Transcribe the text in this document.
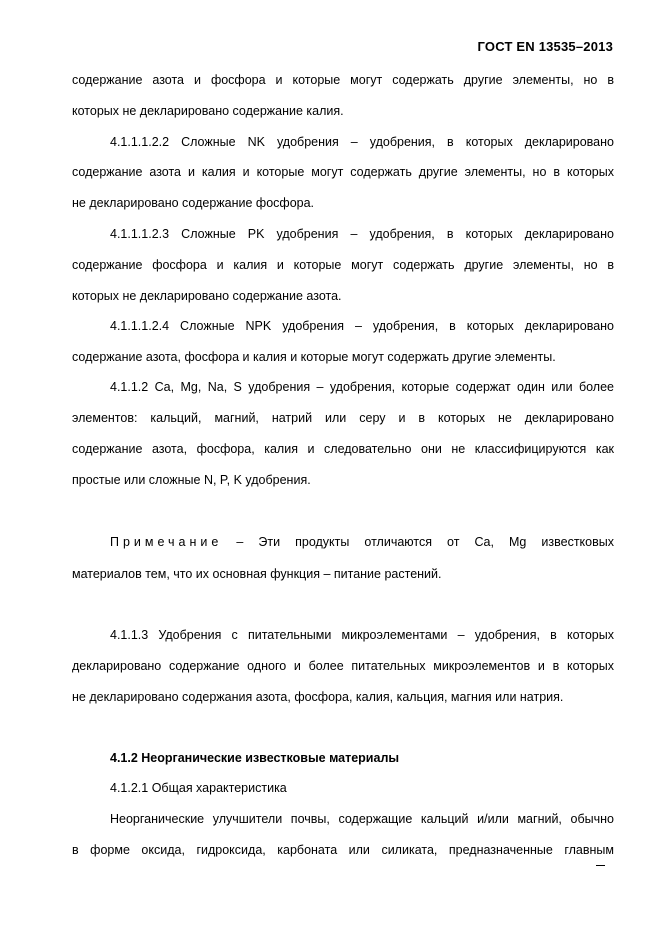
ГОСТ EN 13535–2013
содержание азота и фосфора и которые могут содержать другие элементы, но в
которых не декларировано содержание калия.
4.1.1.1.2.2 Сложные NK удобрения – удобрения, в которых декларировано
содержание азота и калия и которые могут содержать другие элементы, но в которых
не декларировано содержание фосфора.
4.1.1.1.2.3 Сложные PK удобрения – удобрения, в которых декларировано
содержание фосфора и калия и которые могут содержать другие элементы, но в
которых не декларировано содержание азота.
4.1.1.1.2.4 Сложные NPK удобрения – удобрения, в которых декларировано
содержание азота, фосфора и калия и которые могут содержать другие элементы.
4.1.1.2 Ca, Mg, Na, S удобрения – удобрения, которые содержат один или более
элементов: кальций, магний, натрий или серу и в которых не декларировано
содержание азота, фосфора, калия и следовательно они не классифицируются как
простые или сложные N, P, K удобрения.
Примечание – Эти продукты отличаются от Ca, Mg известковых
материалов тем, что их основная функция – питание растений.
4.1.1.3 Удобрения с питательными микроэлементами – удобрения, в которых
декларировано содержание одного и более питательных микроэлементов и в которых
не декларировано содержания азота, фосфора, калия, кальция, магния или натрия.
4.1.2 Неорганические известковые материалы
4.1.2.1 Общая характеристика
Неорганические улучшители почвы, содержащие кальций и/или магний, обычно
в форме оксида, гидроксида, карбоната или силиката, предназначенные главным
